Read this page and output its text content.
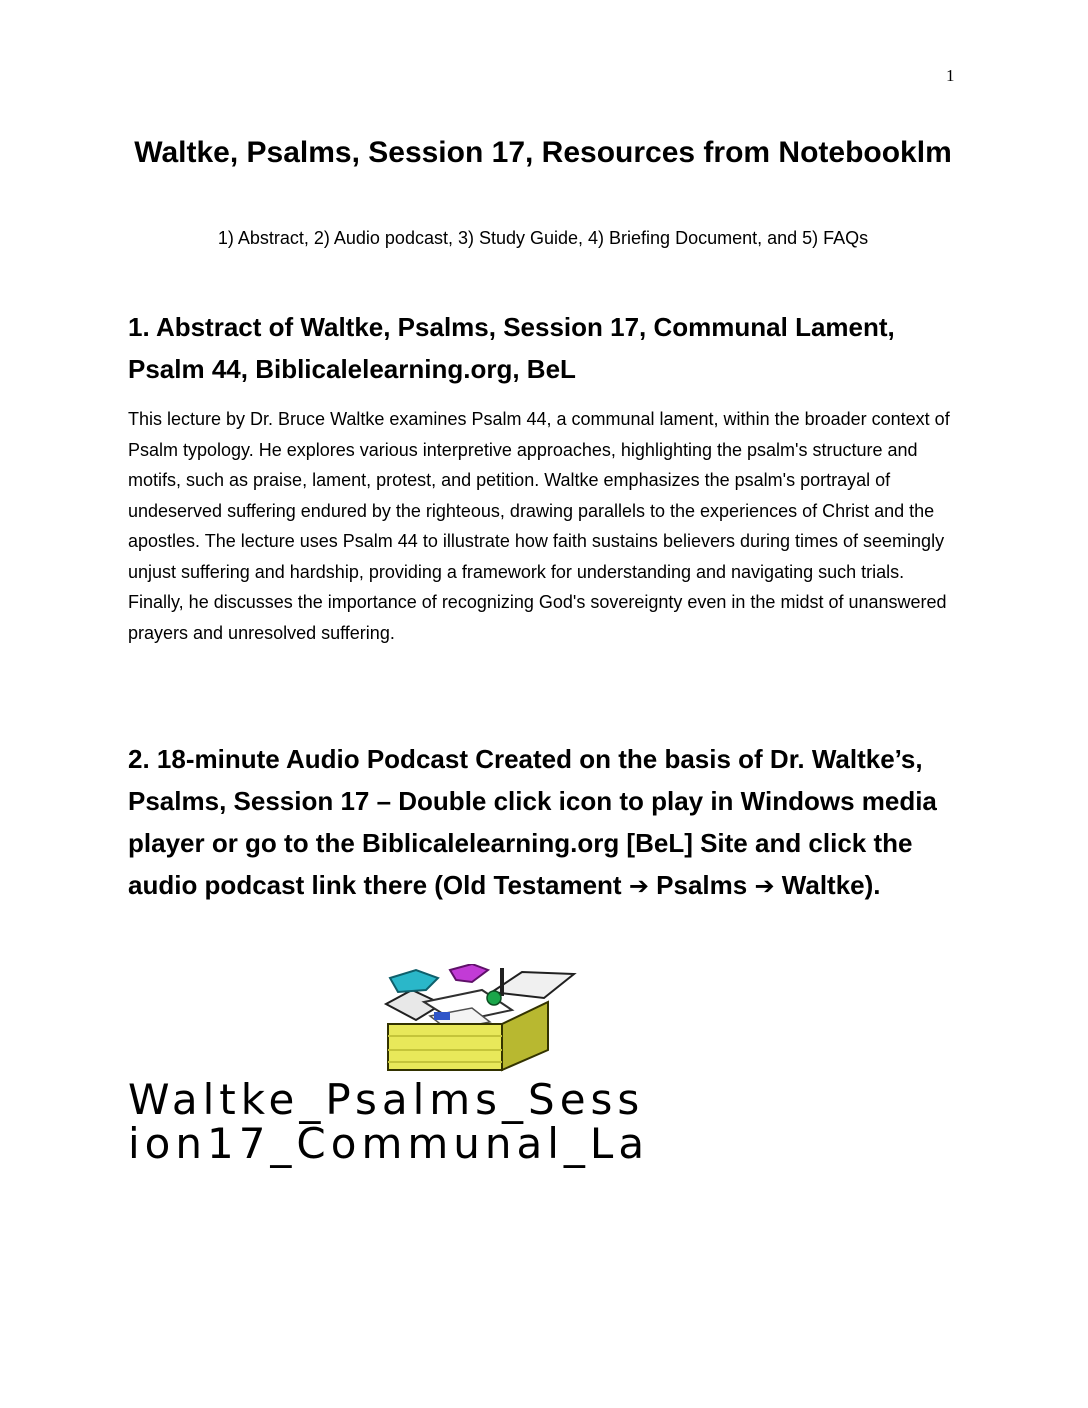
1
Waltke, Psalms, Session 17, Resources from Notebooklm

1) Abstract, 2) Audio podcast, 3) Study Guide, 4) Briefing Document, and 5) FAQs

1. Abstract of Waltke, Psalms, Session 17, Communal Lament, Psalm 44, Biblicalelearning.org, BeL

This lecture by Dr. Bruce Waltke examines Psalm 44, a communal lament, within the broader context of Psalm typology. He explores various interpretive approaches, highlighting the psalm's structure and motifs, such as praise, lament, protest, and petition. Waltke emphasizes the psalm's portrayal of undeserved suffering endured by the righteous, drawing parallels to the experiences of Christ and the apostles. The lecture uses Psalm 44 to illustrate how faith sustains believers during times of seemingly unjust suffering and hardship, providing a framework for understanding and navigating such trials. Finally, he discusses the importance of recognizing God's sovereignty even in the midst of unanswered prayers and unresolved suffering.

2. 18-minute Audio Podcast Created on the basis of Dr. Waltke’s, Psalms, Session 17 – Double click icon to play in Windows media player or go to the Biblicalelearning.org [BeL] Site and click the audio podcast link there (Old Testament ➔ Psalms ➔ Waltke).
Waltke_Psalms_Sess
ion17_Communal_La
